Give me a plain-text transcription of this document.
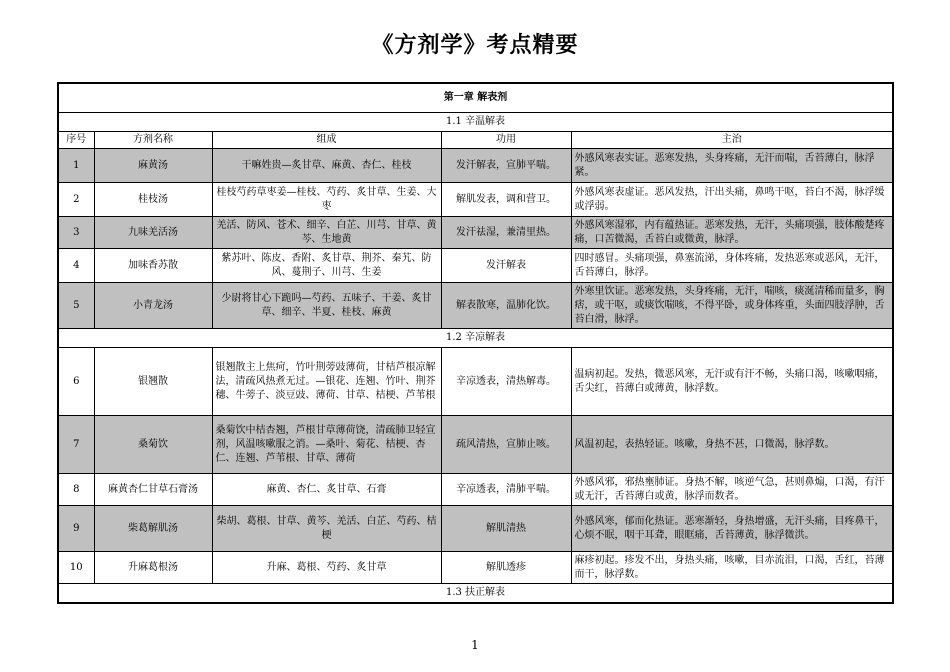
《方剂学》考点精要
第一章 解表剂				
1.1 辛温解表				
序号	方剂名称	组成	功用	主治
1	麻黄汤	干嘛姓贵—炙甘草、麻黄、杏仁、桂枝	发汗解表，宣肺平喘。	外感风寒表实证。恶寒发热，头身疼痛，无汗而喘，舌苔薄白，脉浮紧。
2	桂枝汤	桂枝芍药草枣姜—桂枝、芍药、炙甘草、生姜、大枣	解肌发表，调和营卫。	外感风寒表虚证。恶风发热，汗出头痛，鼻鸣干呕，苔白不渴，脉浮缓或浮弱。
3	九味羌活汤	羌活、防风、苍术、细辛、白芷、川芎、甘草、黄芩、生地黄	发汗祛湿，兼清里热。	外感风寒湿邪，内有蕴热证。恶寒发热，无汗，头痛项强，肢体酸楚疼痛，口苦微渴，舌苔白或微黄，脉浮。
4	加味香苏散	紫苏叶、陈皮、香附、炙甘草、荆芥、秦艽、防风、蔓荆子、川芎、生姜	发汗解表	四时感冒。头痛项强，鼻塞流涕，身体疼痛，发热恶寒或恶风，无汗，舌苔薄白，脉浮。
5	小青龙汤	少尉将甘心下跪吗—芍药、五味子、干姜、炙甘草、细辛、半夏、桂枝、麻黄	解表散寒，温肺化饮。	外寒里饮证。恶寒发热，头身疼痛，无汗，喘咳，痰涎清稀而量多，胸痞，或干呕，或痰饮喘咳，不得平卧，或身体疼重，头面四肢浮肿，舌苔白滑，脉浮。
1.2 辛凉解表				
6	银翘散	银翘散主上焦疴，竹叶荆蒡豉薄荷，甘桔芦根凉解法，清疏风热煮无过。—银花、连翘、竹叶、荆芥穗、牛蒡子、淡豆豉、薄荷、甘草、桔梗、芦苇根	辛凉透表，清热解毒。	温病初起。发热，微恶风寒，无汗或有汗不畅，头痛口渴，咳嗽咽痛，舌尖红，苔薄白或薄黄，脉浮数。
7	桑菊饮	桑菊饮中桔杏翘，芦根甘草薄荷饶，清疏肺卫轻宣剂，风温咳嗽服之消。—桑叶、菊花、桔梗、杏仁、连翘、芦苇根、甘草、薄荷	疏风清热，宣肺止咳。	风温初起，表热轻证。咳嗽，身热不甚，口微渴，脉浮数。
8	麻黄杏仁甘草石膏汤	麻黄、杏仁、炙甘草、石膏	辛凉透表，清肺平喘。	外感风邪，邪热壅肺证。身热不解，咳逆气急，甚则鼻煽，口渴，有汗或无汗，舌苔薄白或黄，脉浮而数者。
9	柴葛解肌汤	柴胡、葛根、甘草、黄芩、羌活、白芷、芍药、桔梗	解肌清热	外感风寒，郁而化热证。恶寒渐轻，身热增盛，无汗头痛，目疼鼻干，心烦不眠，咽干耳聋，眼眶痛，舌苔薄黄，脉浮微洪。
10	升麻葛根汤	升麻、葛根、芍药、炙甘草	解肌透疹	麻疹初起。疹发不出，身热头痛，咳嗽，目赤流泪，口渴，舌红，苔薄而干，脉浮数。
1.3 扶正解表				
1
